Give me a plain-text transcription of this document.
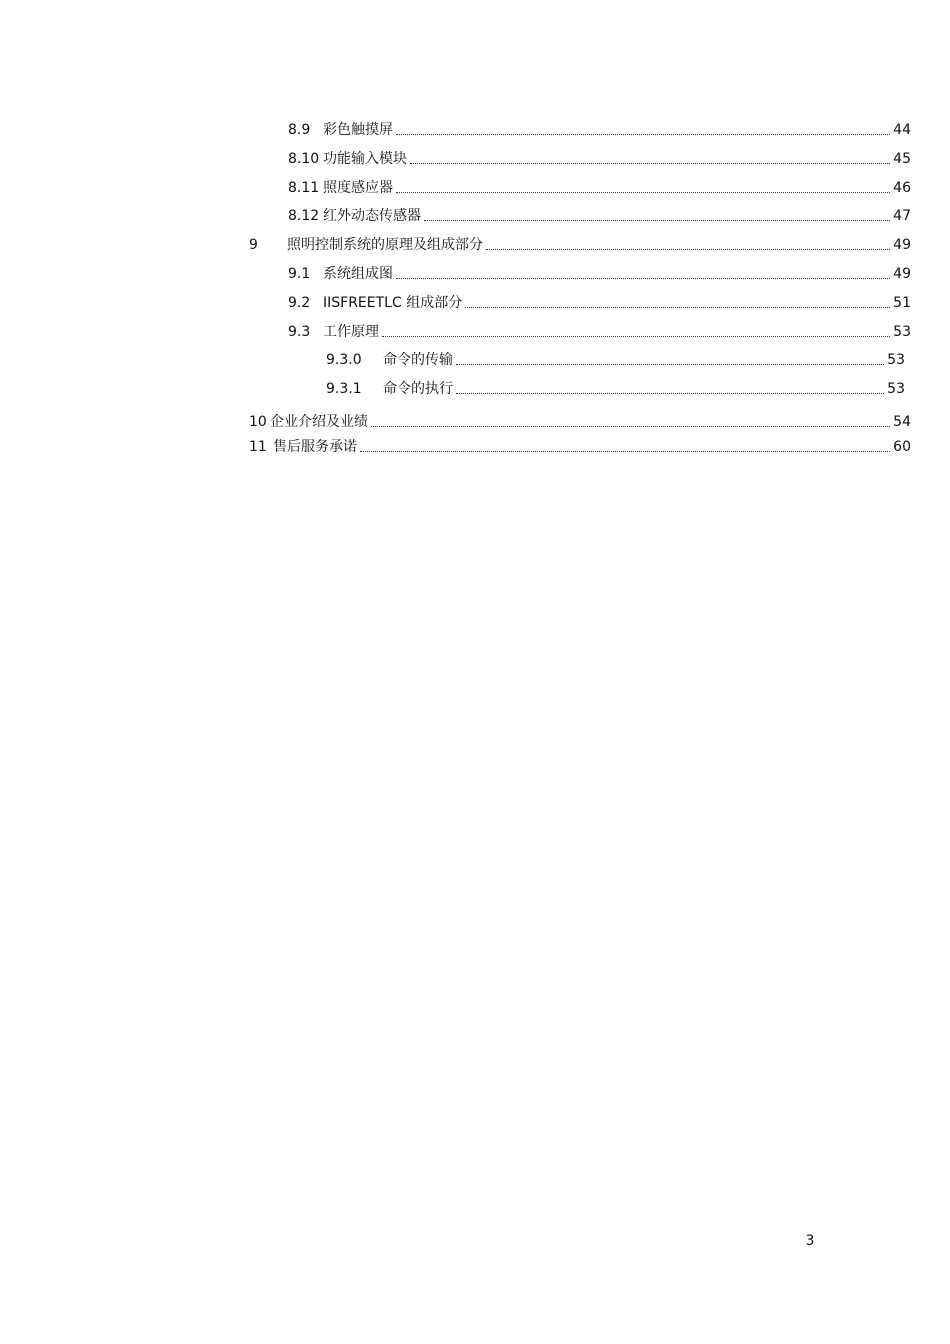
8.9 彩色触摸屏	44
8.10 功能输入模块	45
8.11 照度感应器	46
8.12 红外动态传感器	47
9	照明控制系统的原理及组成部分	49
9.1 系统组成图	49
9.2 IISFREETLC 组成部分	51
9.3 工作原理	53
9.3.0	命令的传输	53
9.3.1	命令的执行	53
10 企业介绍及业绩	54
11 售后服务承诺	60
3
